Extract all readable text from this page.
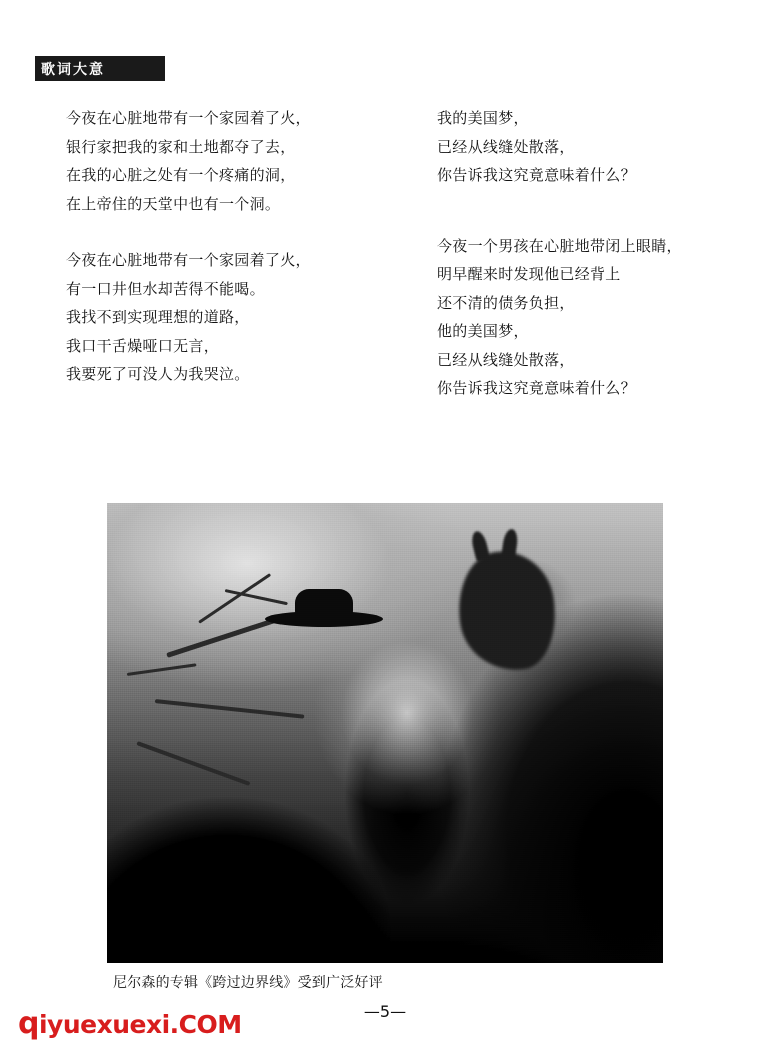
歌词大意
今夜在心脏地带有一个家园着了火，
银行家把我的家和土地都夺了去，
在我的心脏之处有一个疼痛的洞，
在上帝住的天堂中也有一个洞。
今夜在心脏地带有一个家园着了火，
有一口井但水却苦得不能喝。
我找不到实现理想的道路，
我口干舌燥哑口无言，
我要死了可没人为我哭泣。
我的美国梦，
已经从线缝处散落，
你告诉我这究竟意味着什么？
今夜一个男孩在心脏地带闭上眼睛，
明早醒来时发现他已经背上
还不清的债务负担，
他的美国梦，
已经从线缝处散落，
你告诉我这究竟意味着什么？
尼尔森的专辑《跨过边界线》受到广泛好评
—5—
q iyuexuexi.COM
